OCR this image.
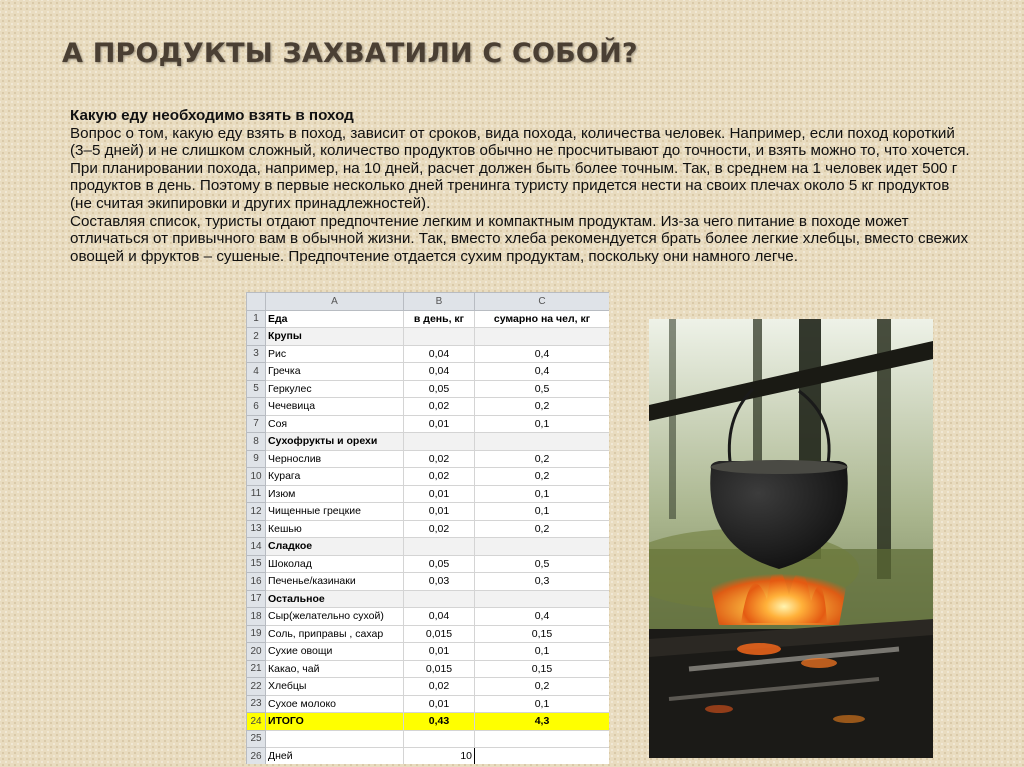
А ПРОДУКТЫ ЗАХВАТИЛИ С СОБОЙ?

Какую еду необходимо взять в поход

Вопрос о том, какую еду взять в поход, зависит от сроков, вида похода, количества человек. Например, если поход короткий (3–5 дней) и не слишком сложный, количество продуктов обычно не просчитывают до точности, и взять можно то, что хочется. При планировании похода, например, на 10 дней, расчет должен быть более точным. Так, в среднем на 1 человек идет 500 г продуктов в день. Поэтому в первые несколько дней тренинга туристу придется нести на своих плечах около 5 кг продуктов (не считая экипировки и других принадлежностей).

Составляя список, туристы отдают предпочтение легким и компактным продуктам. Из-за чего питание в походе может отличаться от привычного вам в обычной жизни. Так, вместо хлеба рекомендуется брать более легкие хлебцы, вместо свежих овощей и фруктов – сушеные. Предпочтение отдается сухим продуктам, поскольку они намного легче.

	A	B	C
1	Еда	в день, кг	сумарно на чел, кг
2	Крупы		
3	Рис	0,04	0,4
4	Гречка	0,04	0,4
5	Геркулес	0,05	0,5
6	Чечевица	0,02	0,2
7	Соя	0,01	0,1
8	Сухофрукты и орехи		
9	Чернослив	0,02	0,2
10	Курага	0,02	0,2
11	Изюм	0,01	0,1
12	Чищенные грецкие	0,01	0,1
13	Кешью	0,02	0,2
14	Сладкое		
15	Шоколад	0,05	0,5
16	Печенье/казинаки	0,03	0,3
17	Остальное		
18	Сыр(желательно сухой)	0,04	0,4
19	Соль, приправы , сахар	0,015	0,15
20	Сухие овощи	0,01	0,1
21	Какао, чай	0,015	0,15
22	Хлебцы	0,02	0,2
23	Сухое молоко	0,01	0,1
24	ИТОГО	0,43	4,3
25			
26	Дней	10	
